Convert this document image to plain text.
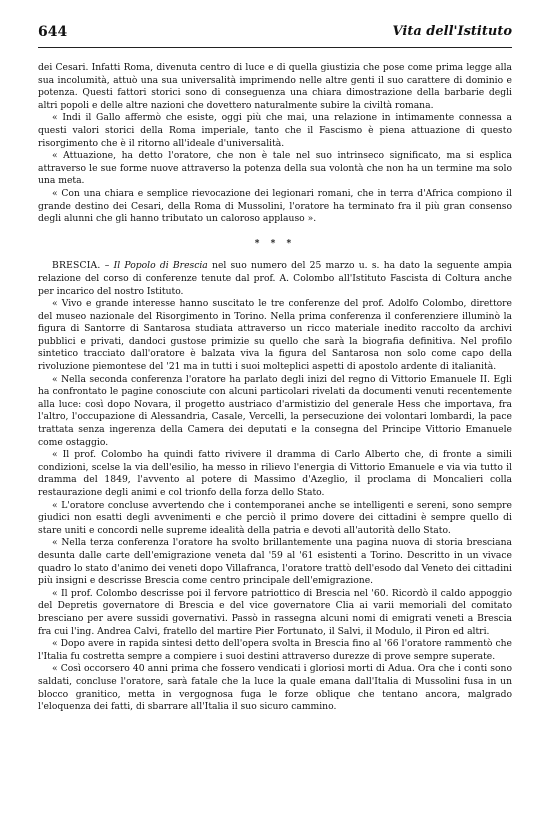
644	Vita dell'Istituto

dei Cesari. Infatti Roma, divenuta centro di luce e di quella giustizia che pose come prima legge alla sua incolumità, attuò una sua universalità imprimendo nelle altre genti il suo carattere di dominio e potenza. Questi fattori storici sono di conseguenza una chiara dimostrazione della barbarie degli altri popoli e delle altre nazioni che dovettero naturalmente subire la civiltà romana.

« Indi il Gallo affermò che esiste, oggi più che mai, una relazione in intimamente connessa a questi valori storici della Roma imperiale, tanto che il Fascismo è piena attuazione di questo risorgimento che è il ritorno all'ideale d'universalità.

« Attuazione, ha detto l'oratore, che non è tale nel suo intrinseco significato, ma si esplica attraverso le sue forme nuove attraverso la potenza della sua volontà che non ha un termine ma solo una meta.

« Con una chiara e semplice rievocazione dei legionari romani, che in terra d'Africa compiono il grande destino dei Cesari, della Roma di Mussolini, l'oratore ha terminato fra il più gran consenso degli alunni che gli hanno tributato un caloroso applauso ».

* * *

BRESCIA. – Il Popolo di Brescia nel suo numero del 25 marzo u. s. ha dato la seguente ampia relazione del corso di conferenze tenute dal prof. A. Colombo all'Istituto Fascista di Coltura anche per incarico del nostro Istituto.

« Vivo e grande interesse hanno suscitato le tre conferenze del prof. Adolfo Colombo, direttore del museo nazionale del Risorgimento in Torino. Nella prima conferenza il conferenziere illuminò la figura di Santorre di Santarosa studiata attraverso un ricco materiale inedito raccolto da archivi pubblici e privati, dandoci gustose primizie su quello che sarà la biografia definitiva. Nel profilo sintetico tracciato dall'oratore è balzata viva la figura del Santarosa non solo come capo della rivoluzione piemontese del '21 ma in tutti i suoi molteplici aspetti di apostolo ardente di italianità.

« Nella seconda conferenza l'oratore ha parlato degli inizi del regno di Vittorio Emanuele II. Egli ha confrontato le pagine conosciute con alcuni particolari rivelati da documenti venuti recentemente alla luce: così dopo Novara, il progetto austriaco d'armistizio del generale Hess che importava, fra l'altro, l'occupazione di Alessandria, Casale, Vercelli, la persecuzione dei volontari lombardi, la pace trattata senza ingerenza della Camera dei deputati e la consegna del Principe Vittorio Emanuele come ostaggio.

« Il prof. Colombo ha quindi fatto rivivere il dramma di Carlo Alberto che, di fronte a simili condizioni, scelse la via dell'esilio, ha messo in rilievo l'energia di Vittorio Emanuele e via via tutto il dramma del 1849, l'avvento al potere di Massimo d'Azeglio, il proclama di Moncalieri colla restaurazione degli animi e col trionfo della forza dello Stato.

« L'oratore concluse avvertendo che i contemporanei anche se intelligenti e sereni, sono sempre giudici non esatti degli avvenimenti e che perciò il primo dovere dei cittadini è sempre quello di stare uniti e concordi nelle supreme idealità della patria e devoti all'autorità dello Stato.

« Nella terza conferenza l'oratore ha svolto brillantemente una pagina nuova di storia bresciana desunta dalle carte dell'emigrazione veneta dal '59 al '61 esistenti a Torino. Descritto in un vivace quadro lo stato d'animo dei veneti dopo Villafranca, l'oratore trattò dell'esodo dal Veneto dei cittadini più insigni e descrisse Brescia come centro principale dell'emigrazione.

« Il prof. Colombo descrisse poi il fervore patriottico di Brescia nel '60. Ricordò il caldo appoggio del Depretis governatore di Brescia e del vice governatore Clia ai varii memoriali del comitato bresciano per avere sussidi governativi. Passò in rassegna alcuni nomi di emigrati veneti a Brescia fra cui l'ing. Andrea Calvi, fratello del martire Pier Fortunato, il Salvi, il Modulo, il Piron ed altri.

« Dopo avere in rapida sintesi detto dell'opera svolta in Brescia fino al '66 l'oratore rammentò che l'Italia fu costretta sempre a compiere i suoi destini attraverso durezze di prove sempre superate.

« Così occorsero 40 anni prima che fossero vendicati i gloriosi morti di Adua. Ora che i conti sono saldati, concluse l'oratore, sarà fatale che la luce la quale emana dall'Italia di Mussolini fusa in un blocco granitico, metta in vergognosa fuga le forze oblique che tentano ancora, malgrado l'eloquenza dei fatti, di sbarrare all'Italia il suo sicuro cammino.
